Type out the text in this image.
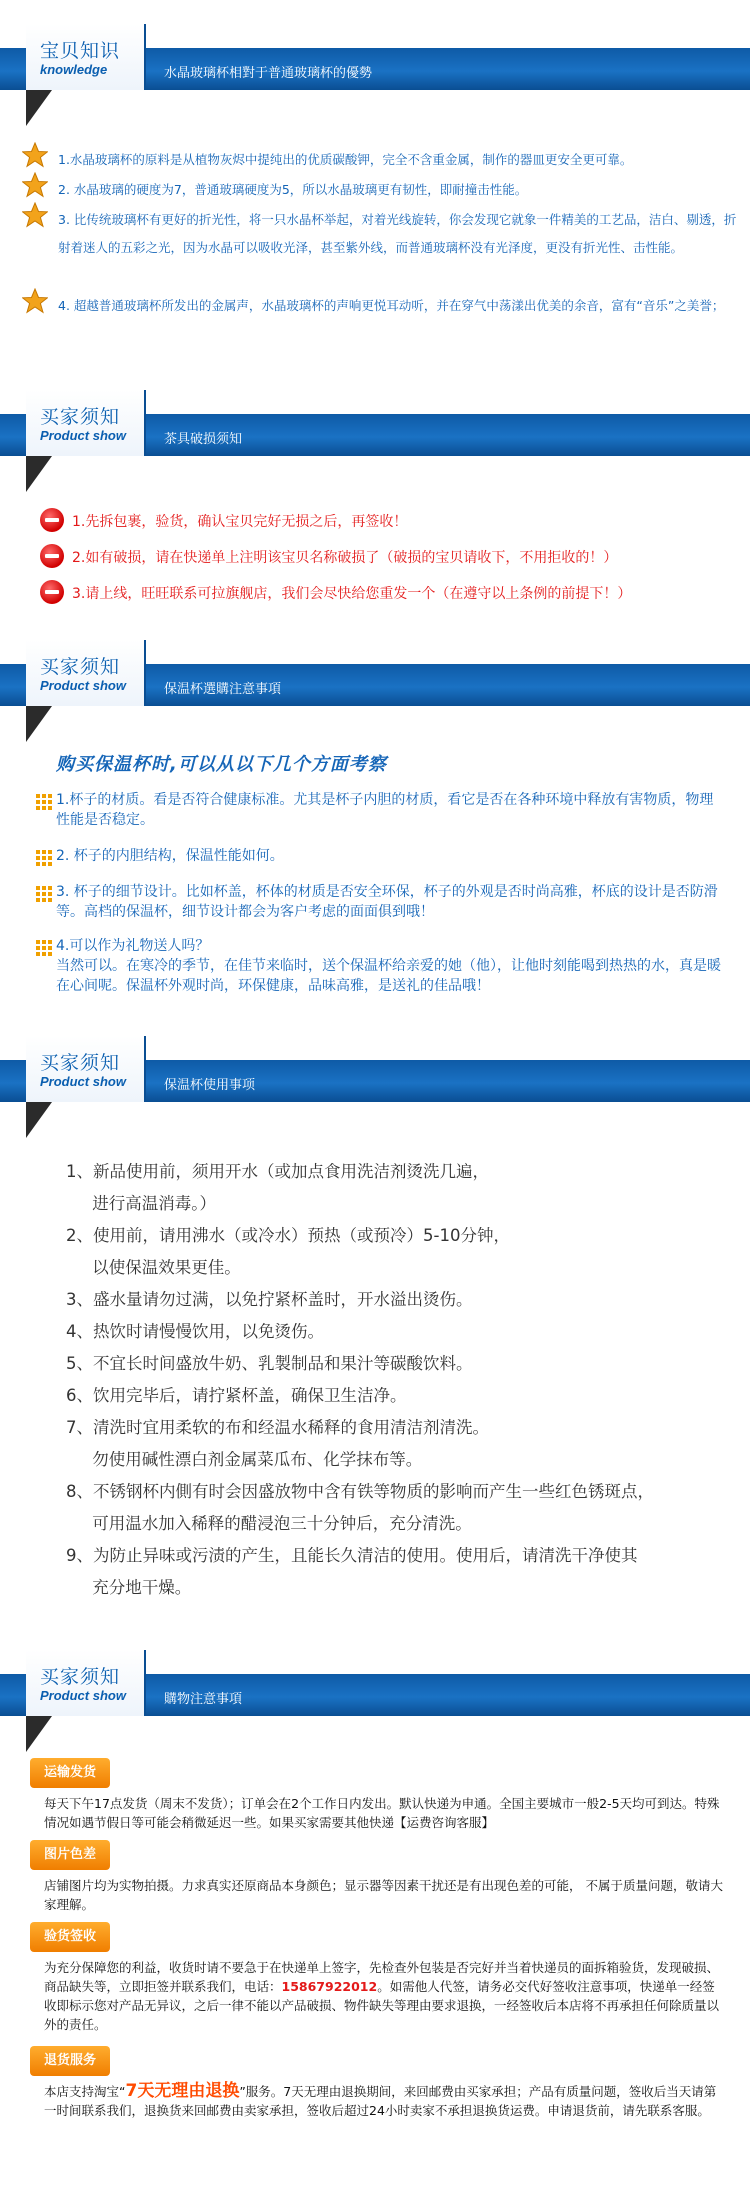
宝贝知识
knowledge	水晶玻璃杯相對于普通玻璃杯的優勢
1.水晶玻璃杯的原料是从植物灰烬中提纯出的优质碳酸钾，完全不含重金属，制作的器皿更安全更可靠。
2. 水晶玻璃的硬度为7，普通玻璃硬度为5，所以水晶玻璃更有韧性，即耐撞击性能。
3. 比传统玻璃杯有更好的折光性，将一只水晶杯举起，对着光线旋转，你会发现它就象一件精美的工艺品，洁白、剔透，折射着迷人的五彩之光，因为水晶可以吸收光泽，甚至紫外线，而普通玻璃杯没有光泽度，更没有折光性、击性能。
4. 超越普通玻璃杯所发出的金属声，水晶玻璃杯的声响更悦耳动听，并在穿气中荡漾出优美的余音，富有“音乐”之美誉；
买家须知
Product show	茶具破损须知
1.先拆包裹，验货，确认宝贝完好无损之后，再签收！
2.如有破损，请在快递单上注明该宝贝名称破损了（破损的宝贝请收下，不用拒收的！）
3.请上线，旺旺联系可拉旗舰店，我们会尽快给您重发一个（在遵守以上条例的前提下！）
买家须知
Product show	保温杯選購注意事項
购买保温杯时,可以从以下几个方面考察
1.杯子的材质。看是否符合健康标准。尤其是杯子内胆的材质，看它是否在各种环境中释放有害物质，物理性能是否稳定。
2. 杯子的内胆结构，保温性能如何。
3. 杯子的细节设计。比如杯盖，杯体的材质是否安全环保，杯子的外观是否时尚高雅，杯底的设计是否防滑等。高档的保温杯，细节设计都会为客户考虑的面面俱到哦！
4.可以作为礼物送人吗？
当然可以。在寒冷的季节，在佳节来临时，送个保温杯给亲爱的她（他），让他时刻能喝到热热的水，真是暖在心间呢。保温杯外观时尚，环保健康，品味高雅，是送礼的佳品哦！
买家须知
Product show	保温杯使用事项
1、新品使用前，须用开水（或加点食用洗洁剂烫洗几遍，
进行高温消毒。）
2、使用前，请用沸水（或冷水）预热（或预冷）5-10分钟，
以使保温效果更佳。
3、盛水量请勿过满，以免拧紧杯盖时，开水溢出烫伤。
4、热饮时请慢慢饮用，以免烫伤。
5、不宜长时间盛放牛奶、乳製制品和果汁等碳酸饮料。
6、饮用完毕后，请拧紧杯盖，确保卫生洁净。
7、清洗时宜用柔软的布和经温水稀释的食用清洁剂清洗。
勿使用碱性漂白剂金属菜瓜布、化学抹布等。
8、不锈钢杯内側有时会因盛放物中含有铁等物质的影响而产生一些红色锈斑点，
可用温水加入稀释的醋浸泡三十分钟后，充分清洗。
9、为防止异味或污渍的产生，且能长久清洁的使用。使用后，请清洗干净使其
充分地干燥。
买家须知
Product show	購物注意事項
运输发货
每天下午17点发货（周末不发货）；订单会在2个工作日内发出。默认快递为申通。全国主要城市一般2-5天均可到达。特殊情况如遇节假日等可能会稍微延迟一些。如果买家需要其他快递【运费咨询客服】
图片色差
店铺图片均为实物拍摄。力求真实还原商品本身颜色；显示器等因素干扰还是有出现色差的可能， 不属于质量问题，敬请大家理解。
验货签收
为充分保障您的利益，收货时请不要急于在快递单上签字，先检查外包装是否完好并当着快递员的面拆箱验货，发现破损、商品缺失等，立即拒签并联系我们，电话：15867922012。如需他人代签，请务必交代好签收注意事项，快递单一经签收即标示您对产品无异议，之后一律不能以产品破损、物件缺失等理由要求退换，一经签收后本店将不再承担任何除质量以外的责任。
退货服务
本店支持淘宝“7天无理由退换”服务。7天无理由退换期间，来回邮费由买家承担；产品有质量问题，签收后当天请第一时间联系我们，退换货来回邮费由卖家承担，签收后超过24小时卖家不承担退换货运费。申请退货前，请先联系客服。
